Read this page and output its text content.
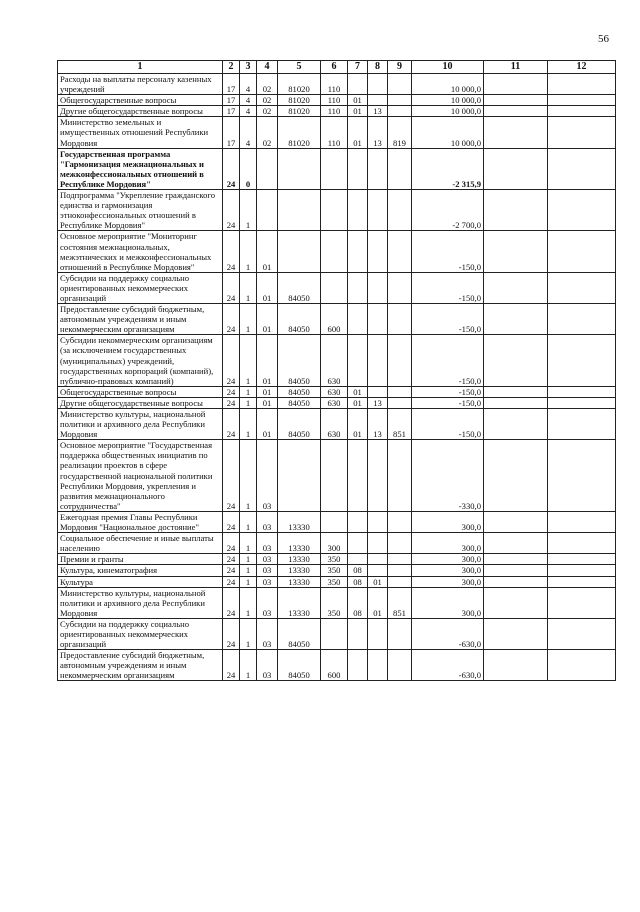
56
1	2	3	4	5	6	7	8	9	10	11	12
Расходы на выплаты персоналу казенных учреждений	17	4	02	81020	110				10 000,0		
Общегосударственные вопросы	17	4	02	81020	110	01			10 000,0		
Другие общегосударственные вопросы	17	4	02	81020	110	01	13		10 000,0		
Министерство земельных и имущественных отношений Республики Мордовия	17	4	02	81020	110	01	13	819	10 000,0		
Государственная программа "Гармонизация межнациональных и межконфессиональных отношений в Республике Мордовия"	24	0							-2 315,9		
Подпрограмма "Укрепление гражданского единства и гармонизация этноконфессиональных отношений в Республике Мордовия"	24	1							-2 700,0		
Основное мероприятие "Мониторинг состояния межнациональных, межэтнических и межконфессиональных отношений в Республике Мордовия"	24	1	01						-150,0		
Субсидии на поддержку социально ориентированных некоммерческих организаций	24	1	01	84050					-150,0		
Предоставление субсидий бюджетным, автономным учреждениям и иным некоммерческим организациям	24	1	01	84050	600				-150,0		
Субсидии некоммерческим организациям (за исключением государственных (муниципальных) учреждений, государственных корпораций (компаний), публично-правовых компаний)	24	1	01	84050	630				-150,0		
Общегосударственные вопросы	24	1	01	84050	630	01			-150,0		
Другие общегосударственные вопросы	24	1	01	84050	630	01	13		-150,0		
Министерство культуры, национальной политики и архивного дела Республики Мордовия	24	1	01	84050	630	01	13	851	-150,0		
Основное мероприятие "Государственная поддержка общественных инициатив по реализации проектов в сфере государственной национальной политики Республики Мордовия, укрепления и развития межнационального сотрудничества"	24	1	03						-330,0		
Ежегодная премия Главы Республики Мордовия "Национальное достояние"	24	1	03	13330					300,0		
Социальное обеспечение и иные выплаты населению	24	1	03	13330	300				300,0		
Премии и гранты	24	1	03	13330	350				300,0		
Культура, кинематография	24	1	03	13330	350	08			300,0		
Культура	24	1	03	13330	350	08	01		300,0		
Министерство культуры, национальной политики и архивного дела Республики Мордовия	24	1	03	13330	350	08	01	851	300,0		
Субсидии на поддержку социально ориентированных некоммерческих организаций	24	1	03	84050					-630,0		
Предоставление субсидий бюджетным, автономным учреждениям и иным некоммерческим организациям	24	1	03	84050	600				-630,0		
